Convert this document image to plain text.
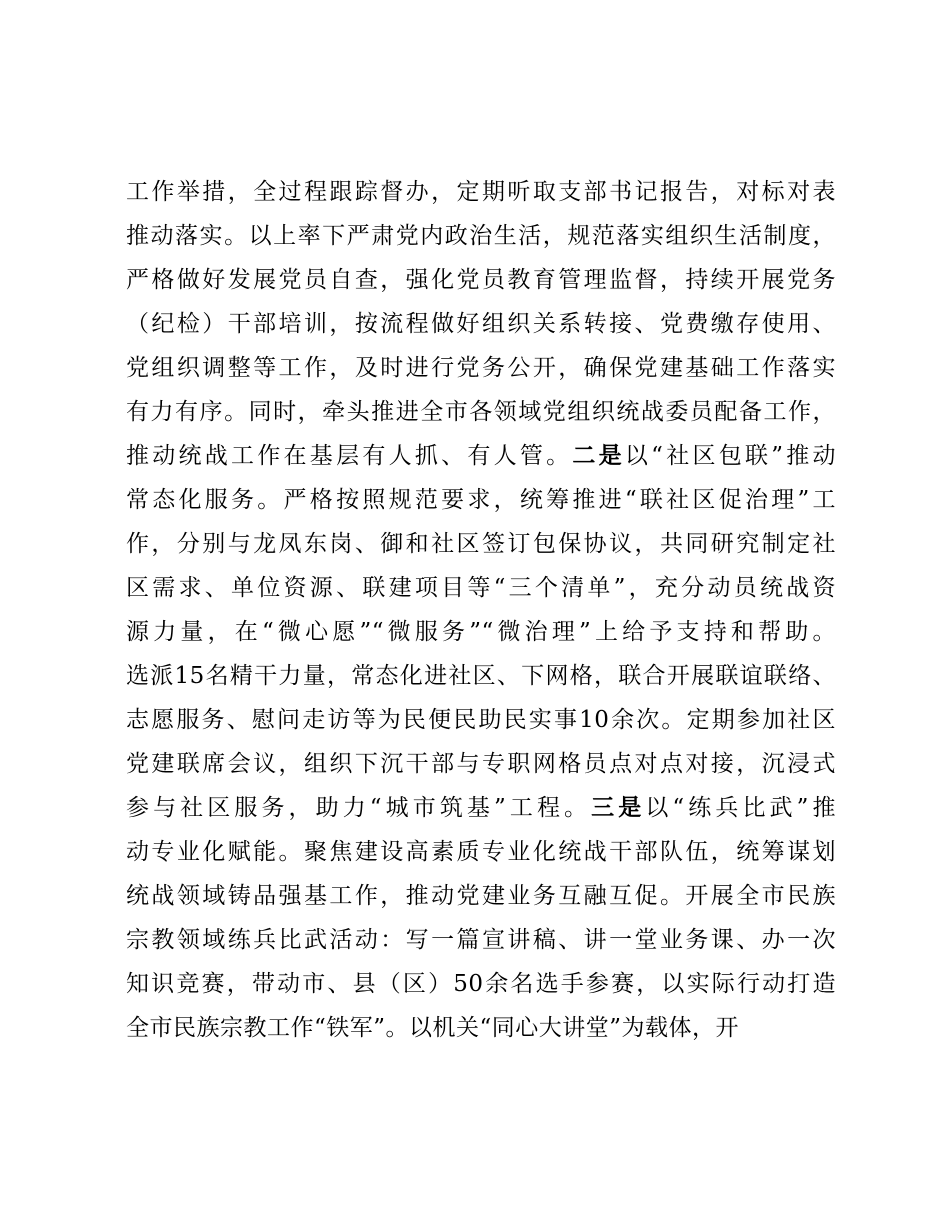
工作举措，全过程跟踪督办，定期听取支部书记报告，对标对表
推动落实。以上率下严肃党内政治生活，规范落实组织生活制度，
严格做好发展党员自查，强化党员教育管理监督，持续开展党务
（纪检）干部培训，按流程做好组织关系转接、党费缴存使用、
党组织调整等工作，及时进行党务公开，确保党建基础工作落实
有力有序。同时，牵头推进全市各领域党组织统战委员配备工作，
推动统战工作在基层有人抓、有人管。二是以“社区包联”推动
常态化服务。严格按照规范要求，统筹推进“联社区促治理”工
作，分别与龙凤东岗、御和社区签订包保协议，共同研究制定社
区需求、单位资源、联建项目等“三个清单”，充分动员统战资
源力量，在“微心愿”“微服务”“微治理”上给予支持和帮助。
选派15名精干力量，常态化进社区、下网格，联合开展联谊联络、
志愿服务、慰问走访等为民便民助民实事10余次。定期参加社区
党建联席会议，组织下沉干部与专职网格员点对点对接，沉浸式
参与社区服务，助力“城市筑基”工程。三是以“练兵比武”推
动专业化赋能。聚焦建设高素质专业化统战干部队伍，统筹谋划
统战领域铸品强基工作，推动党建业务互融互促。开展全市民族
宗教领域练兵比武活动：写一篇宣讲稿、讲一堂业务课、办一次
知识竞赛，带动市、县（区）50余名选手参赛，以实际行动打造
全市民族宗教工作“铁军”。以机关“同心大讲堂”为载体，开
